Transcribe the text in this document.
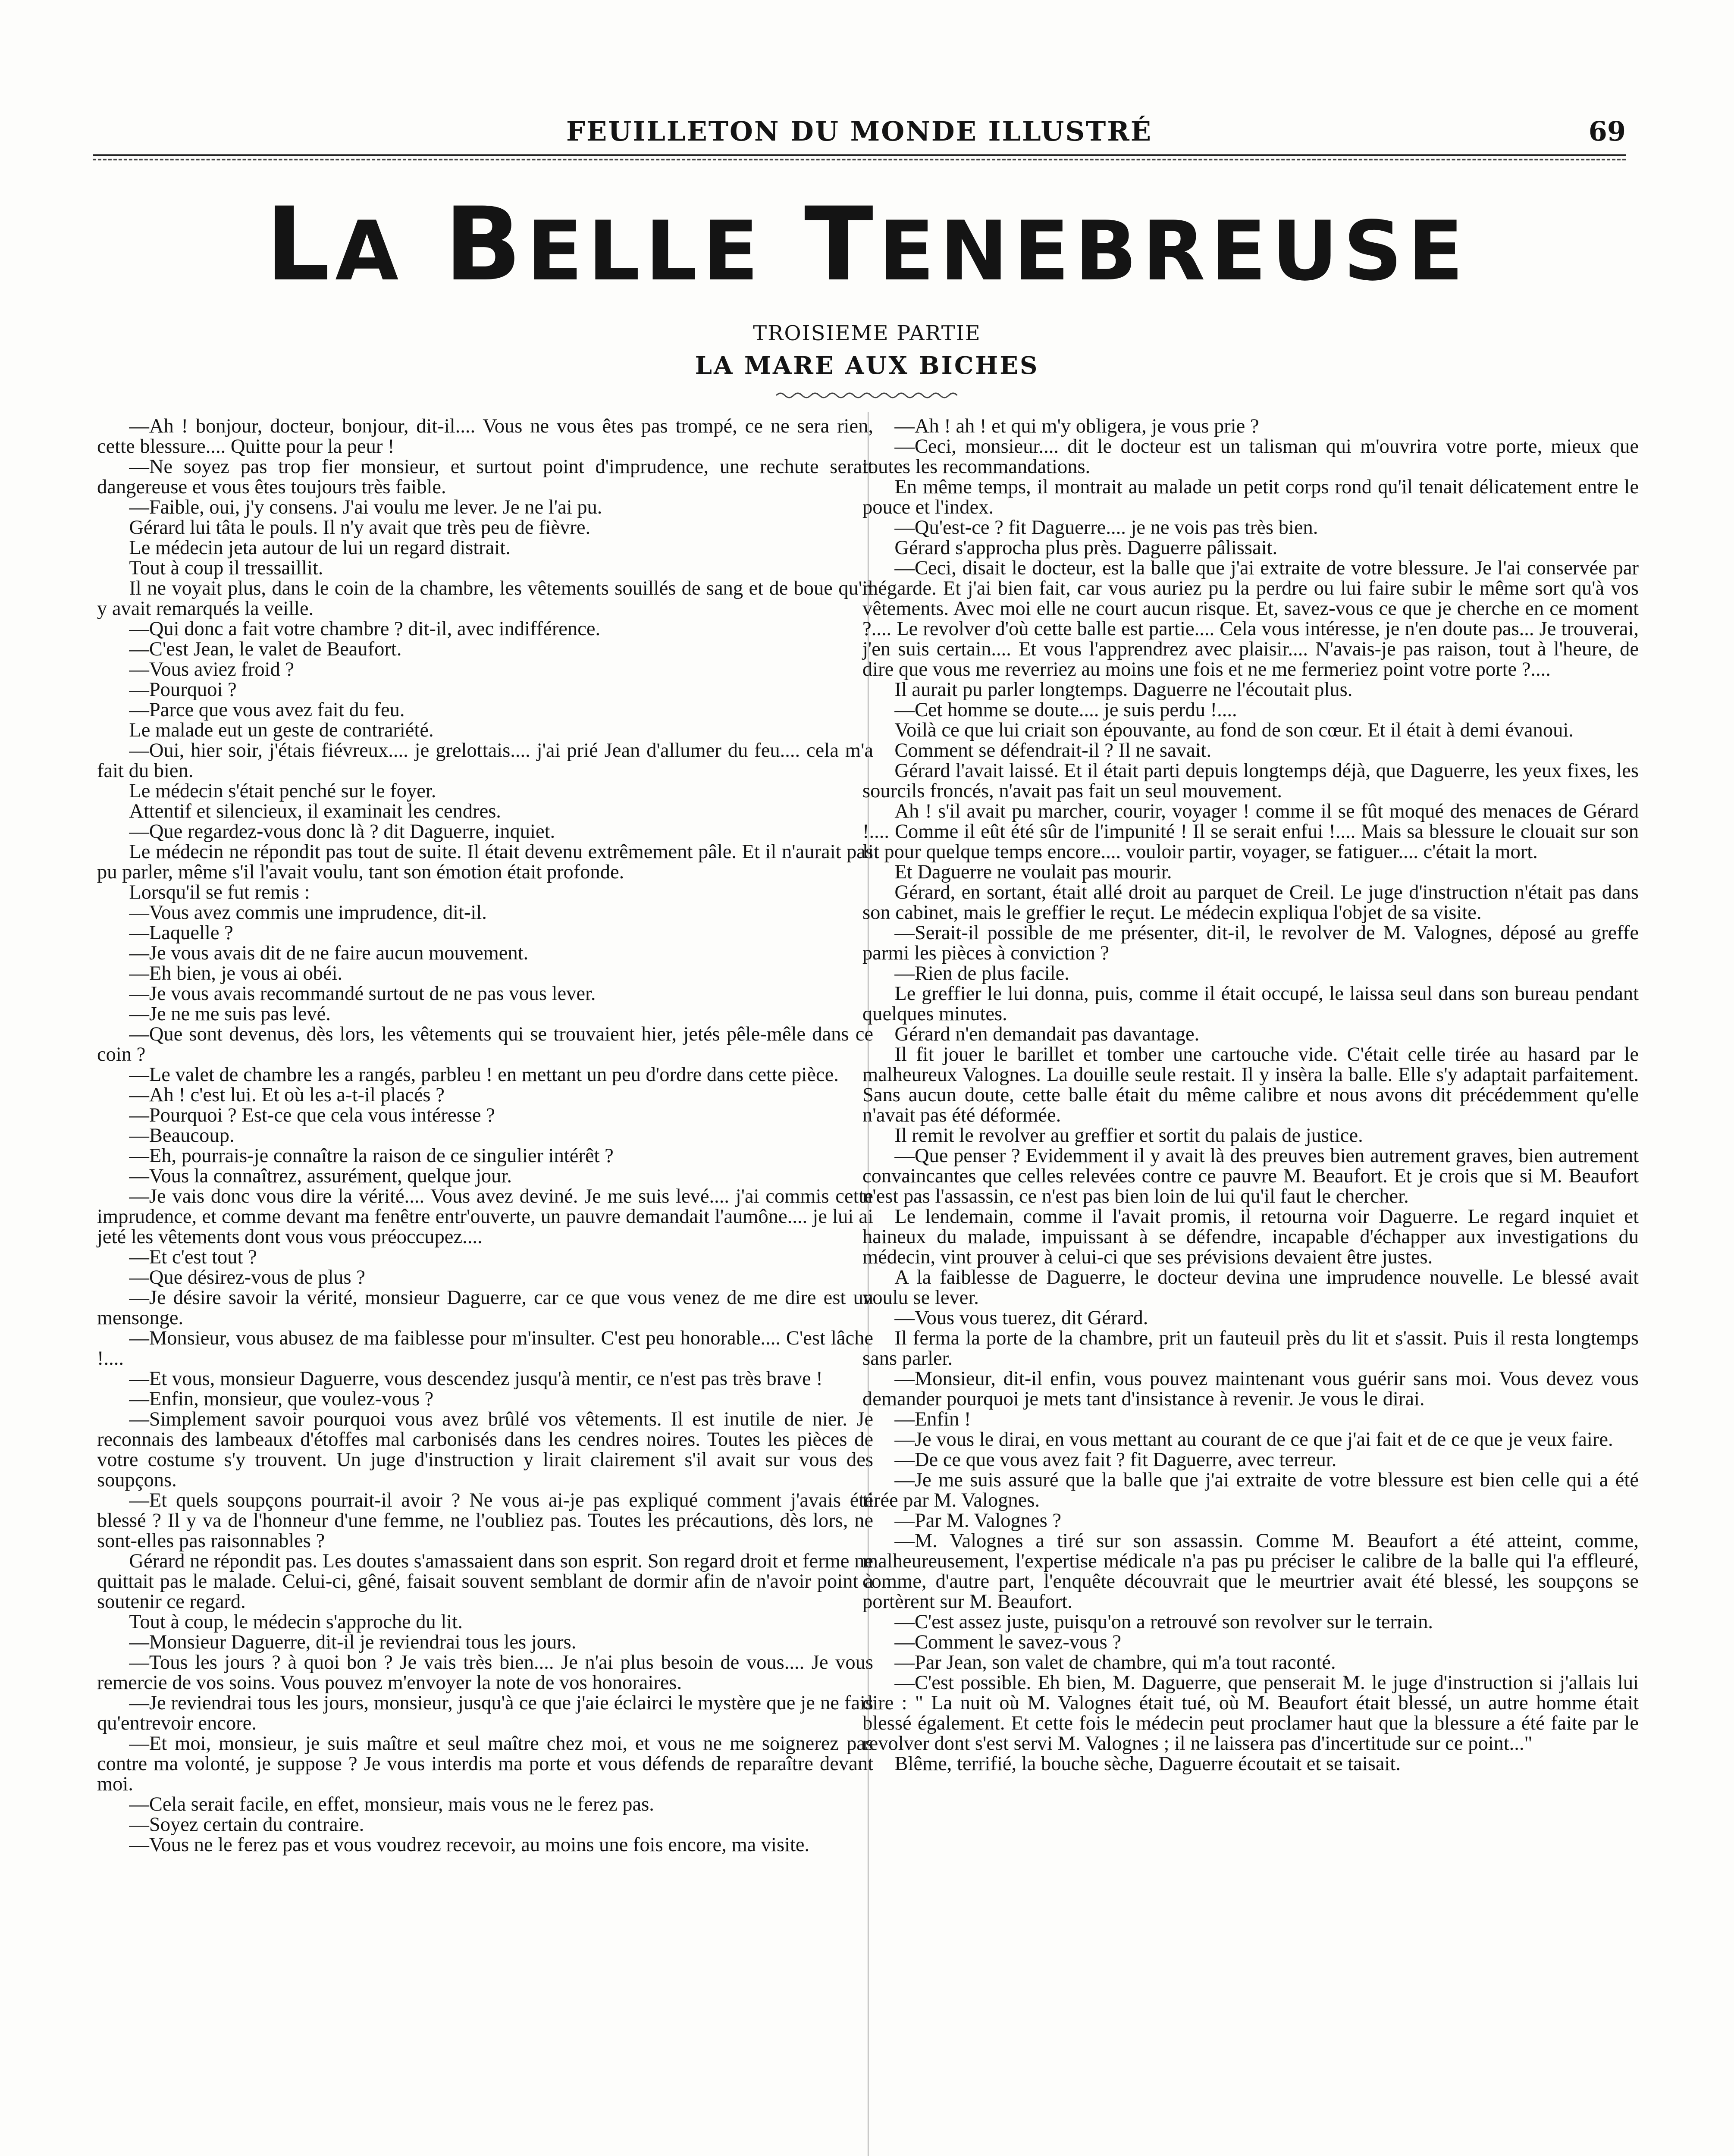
FEUILLETON DU MONDE ILLUSTRÉ	69
LA BELLE TENEBREUSE
TROISIEME PARTIE
LA MARE AUX BICHES

—Ah ! bonjour, docteur, bonjour, dit-il.... Vous ne vous êtes pas trompé, ce ne sera rien, cette blessure.... Quitte pour la peur !

—Ne soyez pas trop fier monsieur, et surtout point d'imprudence, une rechute serait dangereuse et vous êtes toujours très faible.

—Faible, oui, j'y consens. J'ai voulu me lever. Je ne l'ai pu.

Gérard lui tâta le pouls. Il n'y avait que très peu de fièvre.

Le médecin jeta autour de lui un regard distrait.

Tout à coup il tressaillit.

Il ne voyait plus, dans le coin de la chambre, les vêtements souillés de sang et de boue qu'il y avait remarqués la veille.

—Qui donc a fait votre chambre ? dit-il, avec indifférence.

—C'est Jean, le valet de Beaufort.

—Vous aviez froid ?

—Pourquoi ?

—Parce que vous avez fait du feu.

Le malade eut un geste de contrariété.

—Oui, hier soir, j'étais fiévreux.... je grelottais.... j'ai prié Jean d'allumer du feu.... cela m'a fait du bien.

Le médecin s'était penché sur le foyer.

Attentif et silencieux, il examinait les cendres.

—Que regardez-vous donc là ? dit Daguerre, inquiet.

Le médecin ne répondit pas tout de suite. Il était devenu extrêmement pâle. Et il n'aurait pas pu parler, même s'il l'avait voulu, tant son émotion était profonde.

Lorsqu'il se fut remis :

—Vous avez commis une imprudence, dit-il.

—Laquelle ?

—Je vous avais dit de ne faire aucun mouvement.

—Eh bien, je vous ai obéi.

—Je vous avais recommandé surtout de ne pas vous lever.

—Je ne me suis pas levé.

—Que sont devenus, dès lors, les vêtements qui se trouvaient hier, jetés pêle-mêle dans ce coin ?

—Le valet de chambre les a rangés, parbleu ! en mettant un peu d'ordre dans cette pièce.

—Ah ! c'est lui. Et où les a-t-il placés ?

—Pourquoi ? Est-ce que cela vous intéresse ?

—Beaucoup.

—Eh, pourrais-je connaître la raison de ce singulier intérêt ?

—Vous la connaîtrez, assurément, quelque jour.

—Je vais donc vous dire la vérité.... Vous avez deviné. Je me suis levé.... j'ai commis cette imprudence, et comme devant ma fenêtre entr'ouverte, un pauvre demandait l'aumône.... je lui ai jeté les vêtements dont vous vous préoccupez....

—Et c'est tout ?

—Que désirez-vous de plus ?

—Je désire savoir la vérité, monsieur Daguerre, car ce que vous venez de me dire est un mensonge.

—Monsieur, vous abusez de ma faiblesse pour m'insulter. C'est peu honorable.... C'est lâche !....

—Et vous, monsieur Daguerre, vous descendez jusqu'à mentir, ce n'est pas très brave !

—Enfin, monsieur, que voulez-vous ?

—Simplement savoir pourquoi vous avez brûlé vos vêtements. Il est inutile de nier. Je reconnais des lambeaux d'étoffes mal carbonisés dans les cendres noires. Toutes les pièces de votre costume s'y trouvent. Un juge d'instruction y lirait clairement s'il avait sur vous des soupçons.

—Et quels soupçons pourrait-il avoir ? Ne vous ai-je pas expliqué comment j'avais été blessé ? Il y va de l'honneur d'une femme, ne l'oubliez pas. Toutes les précautions, dès lors, ne sont-elles pas raisonnables ?

Gérard ne répondit pas. Les doutes s'amassaient dans son esprit. Son regard droit et ferme ne quittait pas le malade. Celui-ci, gêné, faisait souvent semblant de dormir afin de n'avoir point à soutenir ce regard.

Tout à coup, le médecin s'approche du lit.

—Monsieur Daguerre, dit-il je reviendrai tous les jours.

—Tous les jours ? à quoi bon ? Je vais très bien.... Je n'ai plus besoin de vous.... Je vous remercie de vos soins. Vous pouvez m'envoyer la note de vos honoraires.

—Je reviendrai tous les jours, monsieur, jusqu'à ce que j'aie éclairci le mystère que je ne fais qu'entrevoir encore.

—Et moi, monsieur, je suis maître et seul maître chez moi, et vous ne me soignerez pas contre ma volonté, je suppose ? Je vous interdis ma porte et vous défends de reparaître devant moi.

—Cela serait facile, en effet, monsieur, mais vous ne le ferez pas.

—Soyez certain du contraire.

—Vous ne le ferez pas et vous voudrez recevoir, au moins une fois encore, ma visite.

—Ah ! ah ! et qui m'y obligera, je vous prie ?

—Ceci, monsieur.... dit le docteur est un talisman qui m'ouvrira votre porte, mieux que toutes les recommandations.

En même temps, il montrait au malade un petit corps rond qu'il tenait délicatement entre le pouce et l'index.

—Qu'est-ce ? fit Daguerre.... je ne vois pas très bien.

Gérard s'approcha plus près. Daguerre pâlissait.

—Ceci, disait le docteur, est la balle que j'ai extraite de votre blessure. Je l'ai conservée par mégarde. Et j'ai bien fait, car vous auriez pu la perdre ou lui faire subir le même sort qu'à vos vêtements. Avec moi elle ne court aucun risque. Et, savez-vous ce que je cherche en ce moment ?.... Le revolver d'où cette balle est partie.... Cela vous intéresse, je n'en doute pas... Je trouverai, j'en suis certain.... Et vous l'apprendrez avec plaisir.... N'avais-je pas raison, tout à l'heure, de dire que vous me reverriez au moins une fois et ne me fermeriez point votre porte ?....

Il aurait pu parler longtemps. Daguerre ne l'écoutait plus.

—Cet homme se doute.... je suis perdu !....

Voilà ce que lui criait son épouvante, au fond de son cœur. Et il était à demi évanoui.

Comment se défendrait-il ? Il ne savait.

Gérard l'avait laissé. Et il était parti depuis longtemps déjà, que Daguerre, les yeux fixes, les sourcils froncés, n'avait pas fait un seul mouvement.

Ah ! s'il avait pu marcher, courir, voyager ! comme il se fût moqué des menaces de Gérard !.... Comme il eût été sûr de l'impunité ! Il se serait enfui !.... Mais sa blessure le clouait sur son lit pour quelque temps encore.... vouloir partir, voyager, se fatiguer.... c'était la mort.

Et Daguerre ne voulait pas mourir.

Gérard, en sortant, était allé droit au parquet de Creil. Le juge d'instruction n'était pas dans son cabinet, mais le greffier le reçut. Le médecin expliqua l'objet de sa visite.

—Serait-il possible de me présenter, dit-il, le revolver de M. Valognes, déposé au greffe parmi les pièces à conviction ?

—Rien de plus facile.

Le greffier le lui donna, puis, comme il était occupé, le laissa seul dans son bureau pendant quelques minutes.

Gérard n'en demandait pas davantage.

Il fit jouer le barillet et tomber une cartouche vide. C'était celle tirée au hasard par le malheureux Valognes. La douille seule restait. Il y insèra la balle. Elle s'y adaptait parfaitement. Sans aucun doute, cette balle était du même calibre et nous avons dit précédemment qu'elle n'avait pas été déformée.

Il remit le revolver au greffier et sortit du palais de justice.

—Que penser ? Evidemment il y avait là des preuves bien autrement graves, bien autrement convaincantes que celles relevées contre ce pauvre M. Beaufort. Et je crois que si M. Beaufort n'est pas l'assassin, ce n'est pas bien loin de lui qu'il faut le chercher.

Le lendemain, comme il l'avait promis, il retourna voir Daguerre. Le regard inquiet et haineux du malade, impuissant à se défendre, incapable d'échapper aux investigations du médecin, vint prouver à celui-ci que ses prévisions devaient être justes.

A la faiblesse de Daguerre, le docteur devina une imprudence nouvelle. Le blessé avait voulu se lever.

—Vous vous tuerez, dit Gérard.

Il ferma la porte de la chambre, prit un fauteuil près du lit et s'assit. Puis il resta longtemps sans parler.

—Monsieur, dit-il enfin, vous pouvez maintenant vous guérir sans moi. Vous devez vous demander pourquoi je mets tant d'insistance à revenir. Je vous le dirai.

—Enfin !

—Je vous le dirai, en vous mettant au courant de ce que j'ai fait et de ce que je veux faire.

—De ce que vous avez fait ? fit Daguerre, avec terreur.

—Je me suis assuré que la balle que j'ai extraite de votre blessure est bien celle qui a été tirée par M. Valognes.

—Par M. Valognes ?

—M. Valognes a tiré sur son assassin. Comme M. Beaufort a été atteint, comme, malheureusement, l'expertise médicale n'a pas pu préciser le calibre de la balle qui l'a effleuré, comme, d'autre part, l'enquête découvrait que le meurtrier avait été blessé, les soupçons se portèrent sur M. Beaufort.

—C'est assez juste, puisqu'on a retrouvé son revolver sur le terrain.

—Comment le savez-vous ?

—Par Jean, son valet de chambre, qui m'a tout raconté.

—C'est possible. Eh bien, M. Daguerre, que penserait M. le juge d'instruction si j'allais lui dire : " La nuit où M. Valognes était tué, où M. Beaufort était blessé, un autre homme était blessé également. Et cette fois le médecin peut proclamer haut que la blessure a été faite par le revolver dont s'est servi M. Valognes ; il ne laissera pas d'incertitude sur ce point..."

Blême, terrifié, la bouche sèche, Daguerre écoutait et se taisait.
